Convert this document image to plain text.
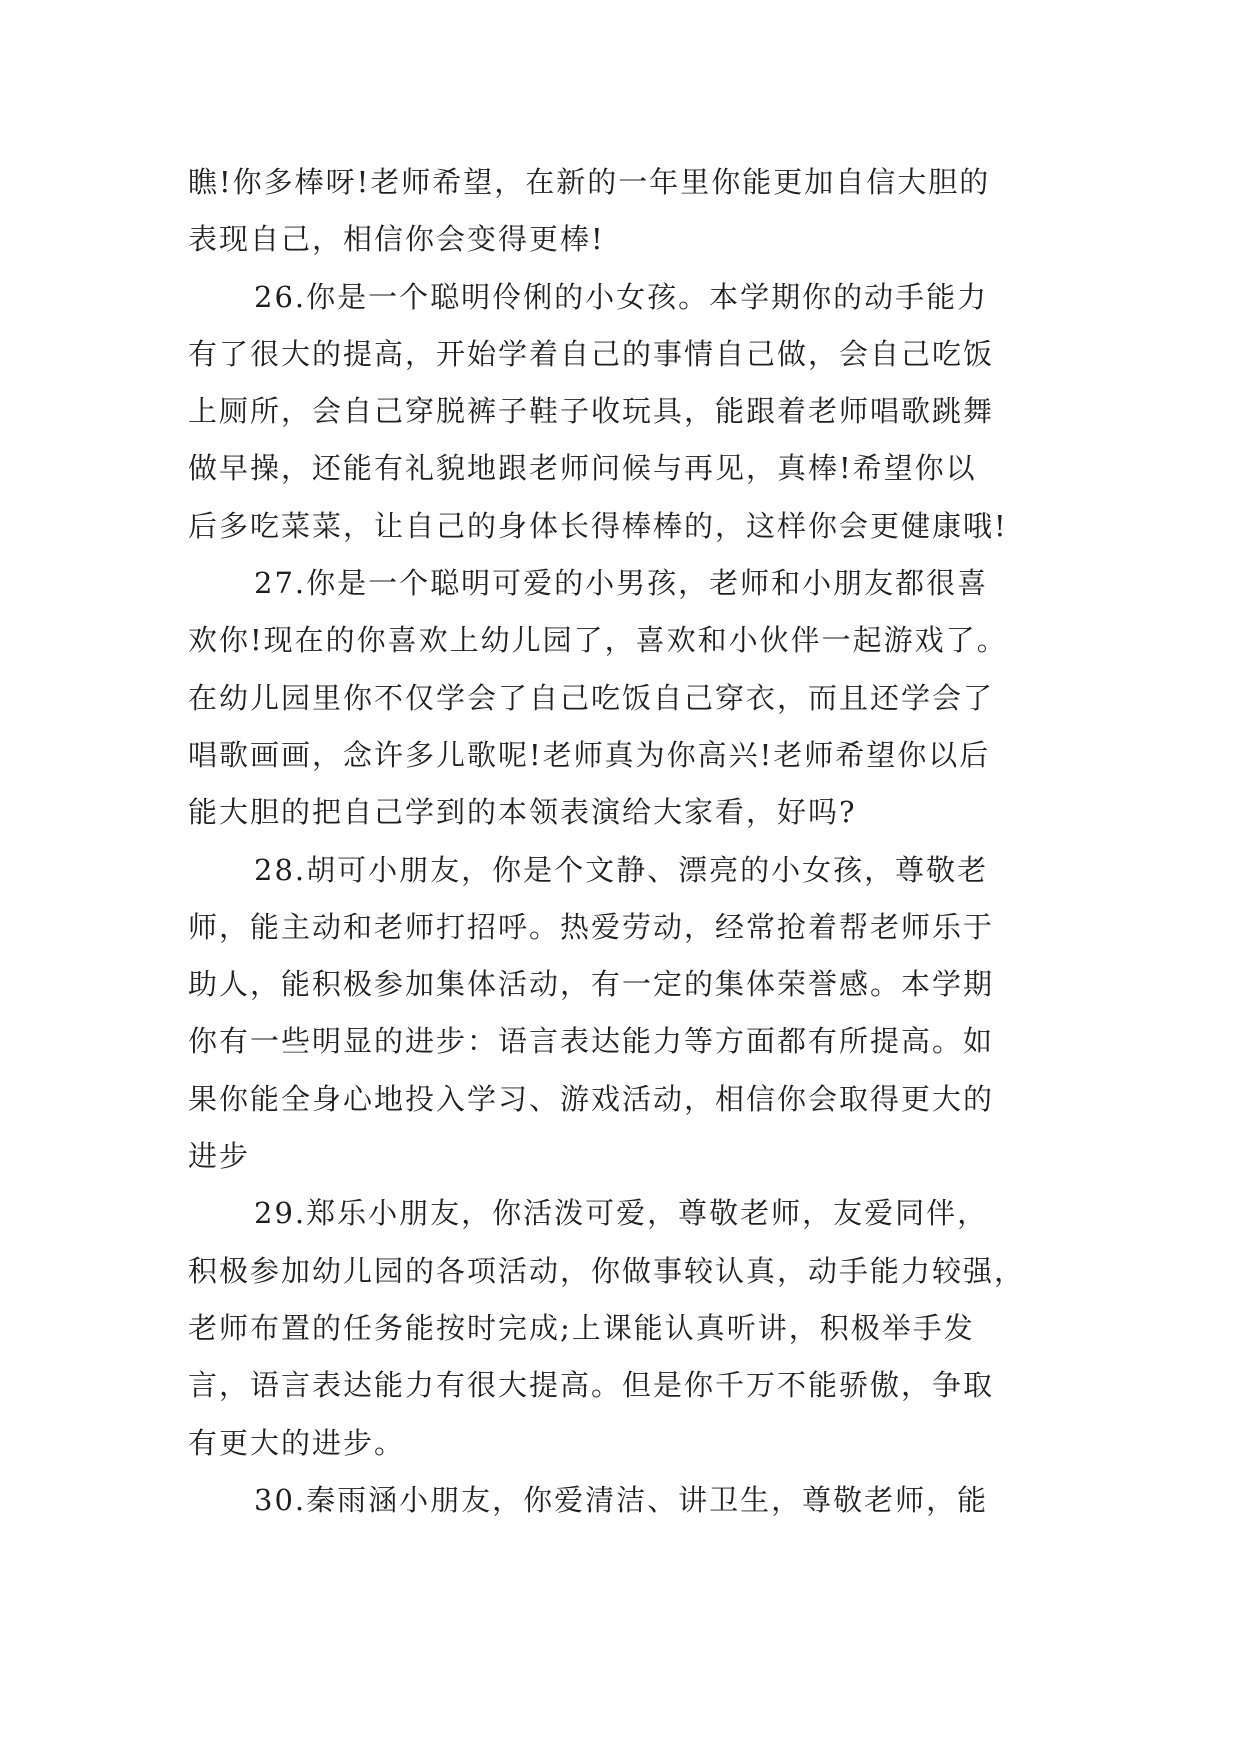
瞧!你多棒呀!老师希望，在新的一年里你能更加自信大胆的
表现自己，相信你会变得更棒!
26.你是一个聪明伶俐的小女孩。本学期你的动手能力
有了很大的提高，开始学着自己的事情自己做，会自己吃饭
上厕所，会自己穿脱裤子鞋子收玩具，能跟着老师唱歌跳舞
做早操，还能有礼貌地跟老师问候与再见，真棒!希望你以
后多吃菜菜，让自己的身体长得棒棒的，这样你会更健康哦!
27.你是一个聪明可爱的小男孩，老师和小朋友都很喜
欢你!现在的你喜欢上幼儿园了，喜欢和小伙伴一起游戏了。
在幼儿园里你不仅学会了自己吃饭自己穿衣，而且还学会了
唱歌画画，念许多儿歌呢!老师真为你高兴!老师希望你以后
能大胆的把自己学到的本领表演给大家看，好吗?
28.胡可小朋友，你是个文静、漂亮的小女孩，尊敬老
师，能主动和老师打招呼。热爱劳动，经常抢着帮老师乐于
助人，能积极参加集体活动，有一定的集体荣誉感。本学期
你有一些明显的进步：语言表达能力等方面都有所提高。如
果你能全身心地投入学习、游戏活动，相信你会取得更大的
进步
29.郑乐小朋友，你活泼可爱，尊敬老师，友爱同伴，
积极参加幼儿园的各项活动，你做事较认真，动手能力较强，
老师布置的任务能按时完成;上课能认真听讲，积极举手发
言，语言表达能力有很大提高。但是你千万不能骄傲，争取
有更大的进步。
30.秦雨涵小朋友，你爱清洁、讲卫生，尊敬老师，能
